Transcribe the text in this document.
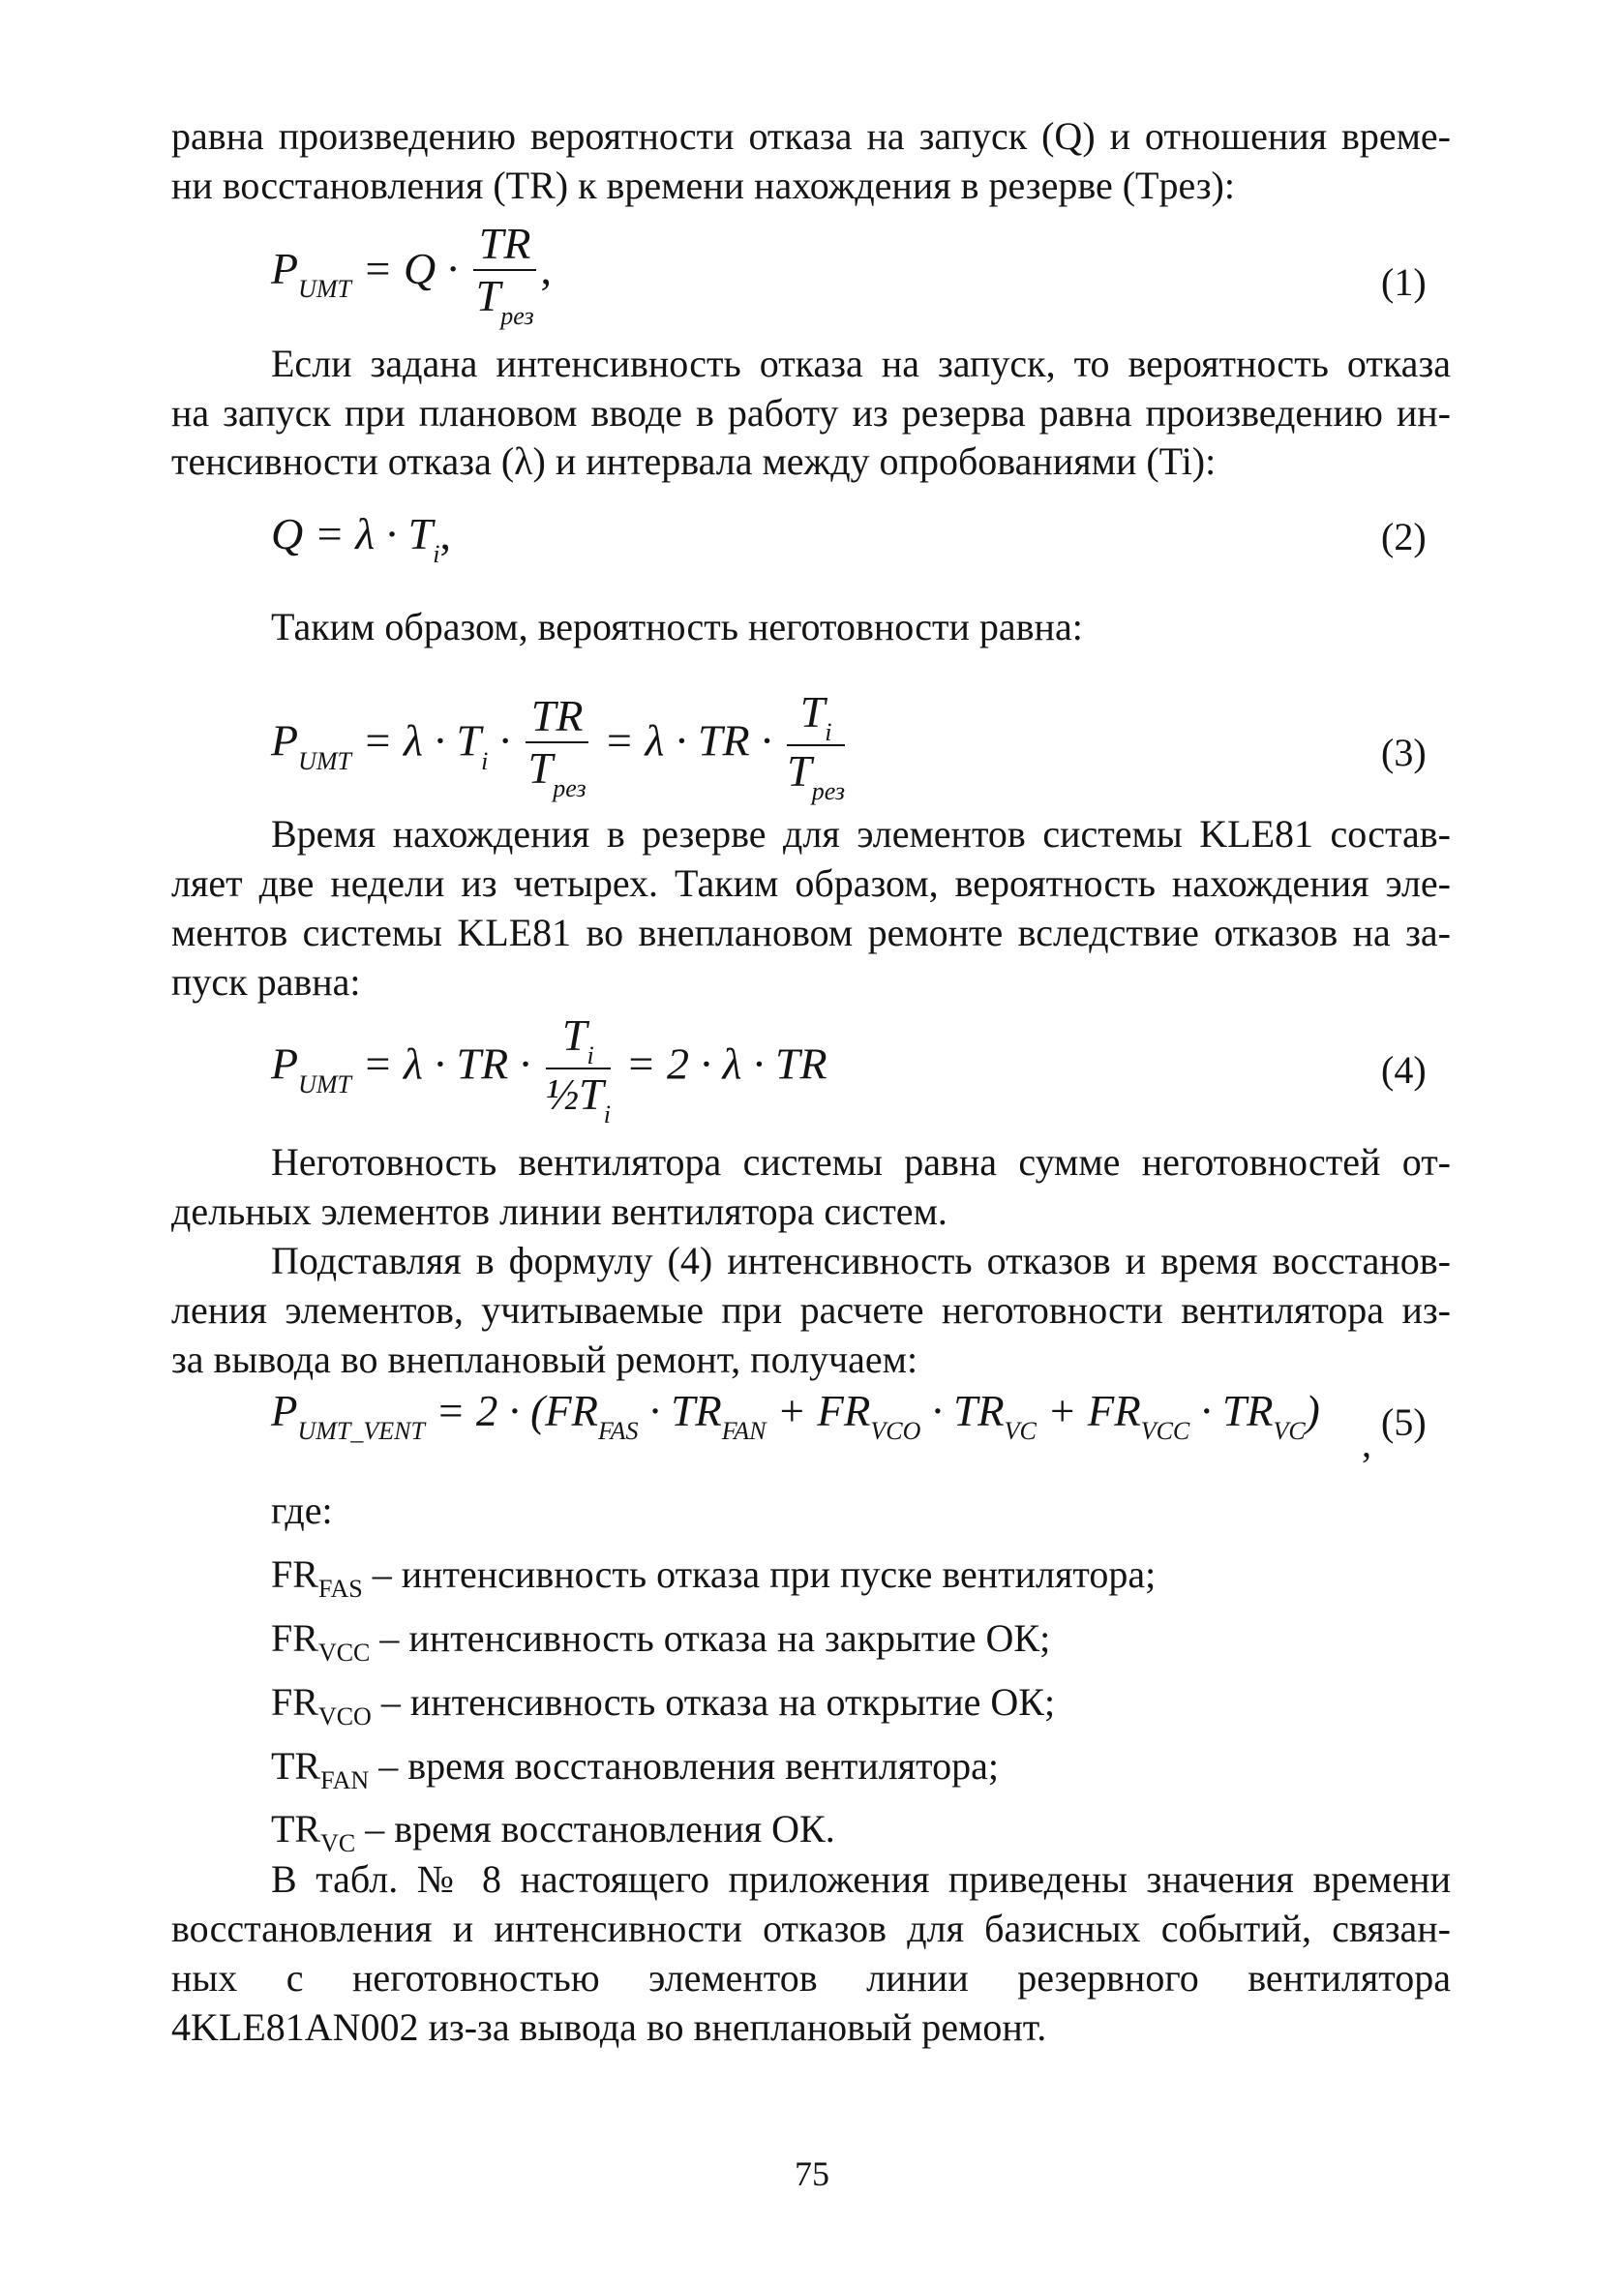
равна произведению вероятности отказа на запуск (Q) и отношения време-
ни восстановления (TR) к времени нахождения в резерве (Tрез):
$P_{UMT} = Q \cdot \frac{TR}{T_{рез}}$ ,	(1)
Если задана интенсивность отказа на запуск, то вероятность отказа
на запуск при плановом вводе в работу из резерва равна произведению ин-
тенсивности отказа (λ) и интервала между опробованиями (Ti):
$Q = \lambda \cdot T_i$,	(2)
Таким образом, вероятность неготовности равна:
$P_{UMT} = \lambda \cdot T_i \cdot \frac{TR}{T_{рез}} = \lambda$ · TR · $\frac{T_i}{T_{рез}}$	(3)
Время нахождения в резерве для элементов системы KLE81 состав-
ляет две недели из четырех. Таким образом, вероятность нахождения эле-
ментов системы KLE81 во внеплановом ремонте вследствие отказов на за-
пуск равна:
$P_{UMT} = \lambda$ · TR · $\frac{T_i}{\frac{1}{2}T_i} = 2 \cdot \lambda$ · TR	(4)
Неготовность вентилятора системы равна сумме неготовностей от-
дельных элементов линии вентилятора систем.
Подставляя в формулу (4) интенсивность отказов и время восстанов-
ления элементов, учитываемые при расчете неготовности вентилятора из-
за вывода во внеплановый ремонт, получаем:
$P_{UMT\_VENT} = 2 \cdot (FR_{FAS} \cdot TR_{FAN} + FR_{VCO} \cdot TR_{VC} + FR_{VCC} \cdot TR_{VC})$
, (5)
где:
$FR_{FAS}$ – интенсивность отказа при пуске вентилятора;
$FR_{VCC}$ – интенсивность отказа на закрытие ОК;
$FR_{VCO}$ – интенсивность отказа на открытие ОК;
$TR_{FAN}$ – время восстановления вентилятора;
$TR_{VC}$ – время восстановления ОК.
В табл. № 8 настоящего приложения приведены значения времени
восстановления и интенсивности отказов для базисных событий, связан-
ных с неготовностью элементов линии резервного вентилятора
4KLE81AN002 из-за вывода во внеплановый ремонт.
75
